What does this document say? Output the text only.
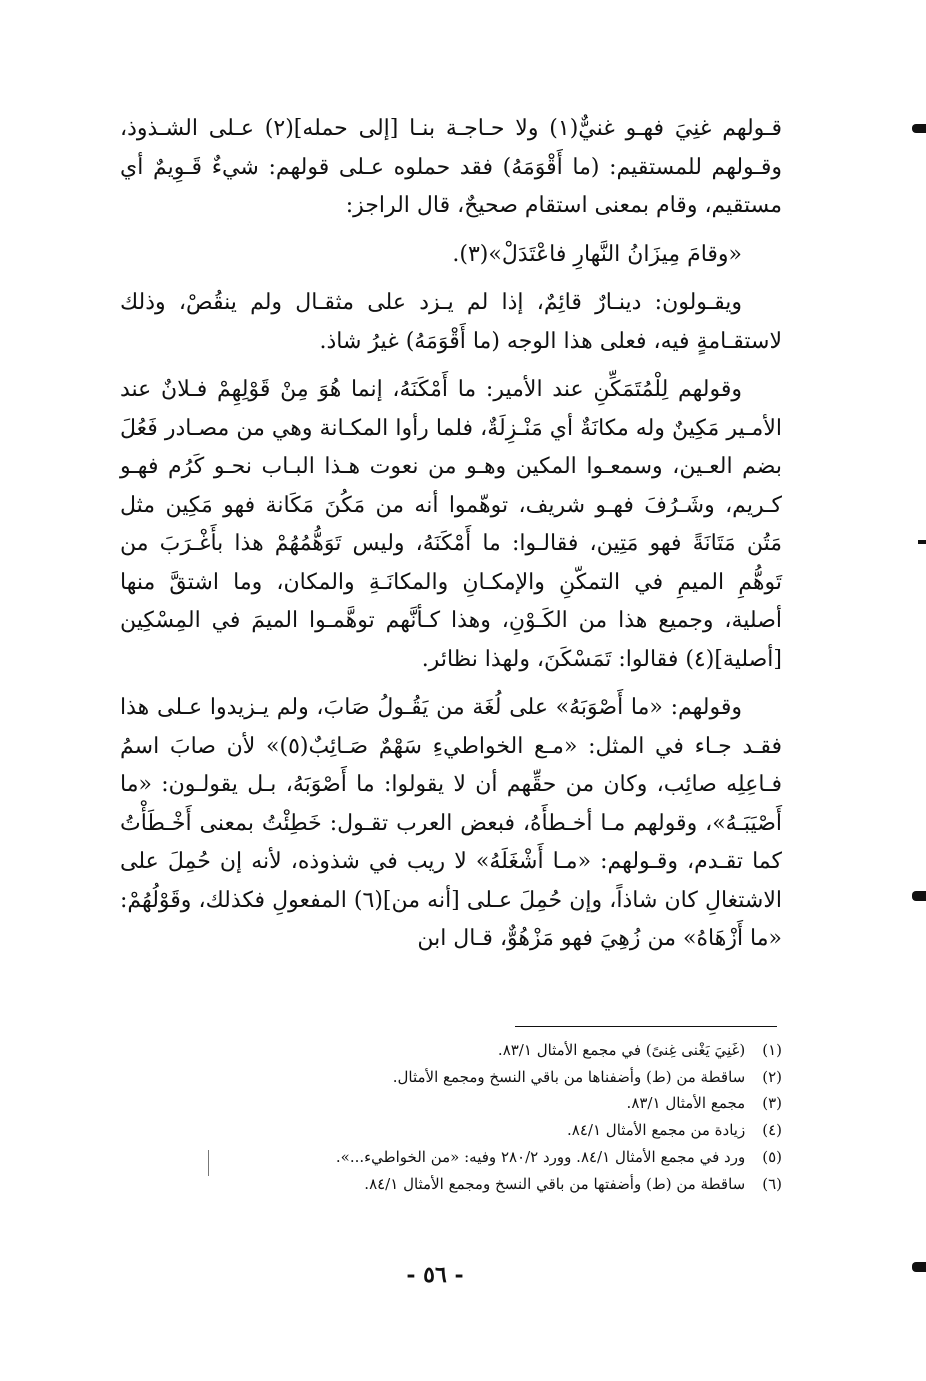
قـولهم غنِيَ فهـو غنيٌّ(١) ولا حـاجـة بنـا [إلى حمله](٢) عـلى الشـذوذ، وقـولهم للمستقيم: (ما أَقْوَمَهُ) فقد حملوه عـلى قولهم: شيءٌ قَـوِيمٌ أي مستقيم، وقام بمعنى استقام صحيحٌ، قال الراجز:

«وقامَ مِيزَانُ النَّهارِ فاعْتَدَلْ»(٣).

ويقـولون: دينـارٌ قائِمٌ، إذا لم يـزد على مثقـال ولم ينقُصْ، وذلك لاستقـامةٍ فيه، فعلى هذا الوجه (ما أَقْوَمَهُ) غيرُ شاذ.

وقولهم لِلْمُتَمَكِّنِ عند الأمير: ما أَمْكَنَهُ، إنما هُوَ مِنْ قَوْلِهِمْ فـلانٌ عند الأمـير مَكِينٌ وله مكانَةٌ أي مَنْـزِلَةٌ، فلما رأوا المكـانة وهي من مصـادر فَعُلَ بضم العـين، وسمعـوا المكين وهـو من نعوت هـذا البـاب نحـو كَرُم فهـو كـريم، وشَـرُفَ فهـو شريف، توهّموا أنه من مَكُنَ مَكَانة فهو مَكِين مثل مَتُن مَتَانَةً فهو مَتِين، فقالـوا: ما أَمْكَنَهُ، وليس تَوَهُّمُهُمْ هذا بأَغْـرَبَ من تَوهُّمِ الميمِ في التمكّنِ والإمكـانِ والمكانَـةِ والمكان، وما اشتقَّ منها أصلية، وجميع هذا من الكَـوْنِ، وهذا كـأنَّهم توهَّمـوا الميمَ في المِسْكِين [أصلية](٤) فقالوا: تَمَسْكَنَ، ولهذا نظائر.

وقولهم: «ما أَصْوَبَهُ» على لُغَة من يَقُـولُ صَابَ، ولم يـزيدوا عـلى هذا فقـد جـاء في المثل: «مـع الخواطيءِ سَهْمٌ صَـائِبٌ(٥)» لأن صابَ اسمُ فـاعِلِه صائِب، وكان من حقِّهم أن لا يقولوا: ما أَصْوَبَهُ، بـل يقولـون: «ما أَصْيَبَـهُ»، وقولهم مـا أخـطأَهُ، فبعض العرب تقـول: خَطِئْتُ بمعنى أَخْـطَأْتُ كما تقـدم، وقـولهم: «مـا أَشْغَلَهُ» لا ريب في شذوذه، لأنه إن حُمِلَ على الاشتغالِ كان شاذاً، وإن حُمِلَ عـلى [أنه من](٦) المفعولِ فكذلك، وقَوْلُهُمْ: «ما أَزْهَاهُ» من زُهِيَ فهو مَزْهُوٌّ، قـال ابن

(١) (غَنِيَ يَغْنى غِنىً) في مجمع الأمثال ٨٣/١.

(٢) ساقطة من (ط) وأضفناها من باقي النسخ ومجمع الأمثال.

(٣) مجمع الأمثال ٨٣/١.

(٤) زيادة من مجمع الأمثال ٨٤/١.

(٥) ورد في مجمع الأمثال ٨٤/١. وورد ٢٨٠/٢ وفيه: «من الخواطيء...».

(٦) ساقطة من (ط) وأضفتها من باقي النسخ ومجمع الأمثال ٨٤/١.

- ٥٦ -
